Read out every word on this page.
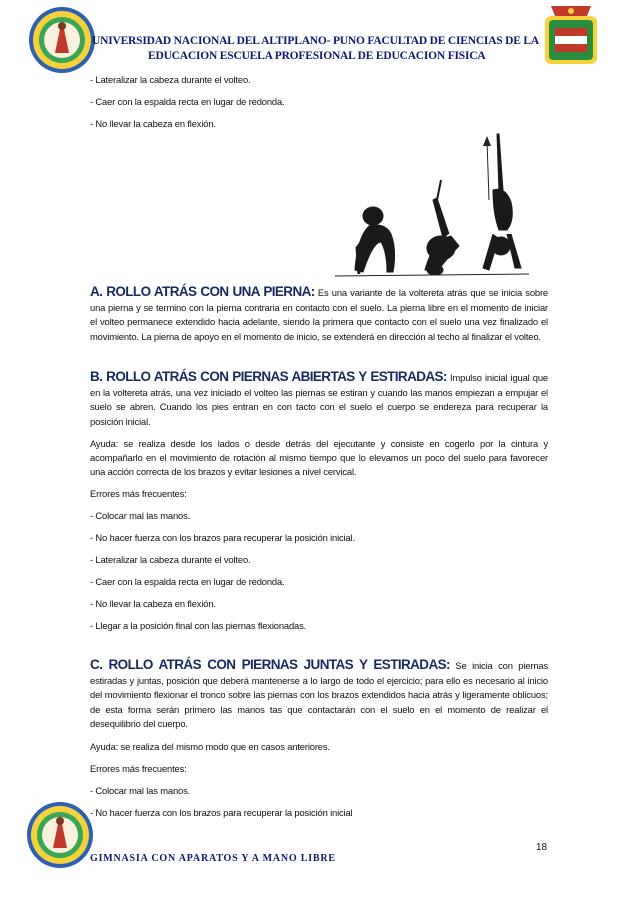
UNIVERSIDAD NACIONAL DEL ALTIPLANO- PUNO FACULTAD DE CIENCIAS DE LA
EDUCACION ESCUELA PROFESIONAL DE EDUCACION FISICA

- Lateralizar la cabeza durante el volteo.

- Caer con la espalda recta en lugar de redonda.

- No llevar la cabeza en flexión.

A. ROLLO ATRÁS CON UNA PIERNA: Es una variante de la voltereta atrás que se inicia sobre una pierna y se termino con la pierna contraria en contacto con el suelo. La pierna libre en el momento de iniciar el volteo permanece extendido hacia adelante, siendo la primera que contacto con el suelo una vez finalizado el movimiento. La pierna de apoyo en el momento de inicio, se extenderá en dirección al techo al finalizar el volteo.

B. ROLLO ATRÁS CON PIERNAS ABIERTAS Y ESTIRADAS: Impulso inicial igual que en la voltereta atrás, una vez iniciado el volteo las piernas se estiran y cuando las manos empiezan a empujar el suelo se abren. Cuando los pies entran en con tacto con el suelo el cuerpo se endereza para recuperar la posición inicial.

Ayuda: se realiza desde los lados o desde detrás del ejecutante y consiste en cogerlo por la cintura y acompañarlo en el movimiento de rotación al mismo tiempo que lo elevamos un poco del suelo para favorecer una acción correcta de los brazos y evitar lesiones a nivel cervical.

Errores más frecuentes:

- Colocar mal las manos.

- No hacer fuerza con los brazos para recuperar la posición inicial.

- Lateralizar la cabeza durante el volteo.

- Caer con la espalda recta en lugar de redonda.

- No llevar la cabeza en flexión.

- Llegar a la posición final con las piernas flexionadas.

C. ROLLO ATRÁS CON PIERNAS JUNTAS Y ESTIRADAS: Se inicia con piernas estiradas y juntas, posición que deberá mantenerse a lo largo de todo el ejercicio; para ello es necesario al inicio del movimiento flexionar el tronco sobre las piernas con los brazos extendidos hacia atrás y ligeramente oblicuos; de esta forma serán primero las manos tas que contactarán con el suelo en el momento de realizar el desequilibrio del cuerpo.

Ayuda: se realiza del mismo modo que en casos anteriores.

Errores más frecuentes:

- Colocar mal las manos.

- No hacer fuerza con los brazos para recuperar la posición inicial

18
GIMNASIA CON APARATOS Y A MANO LIBRE
